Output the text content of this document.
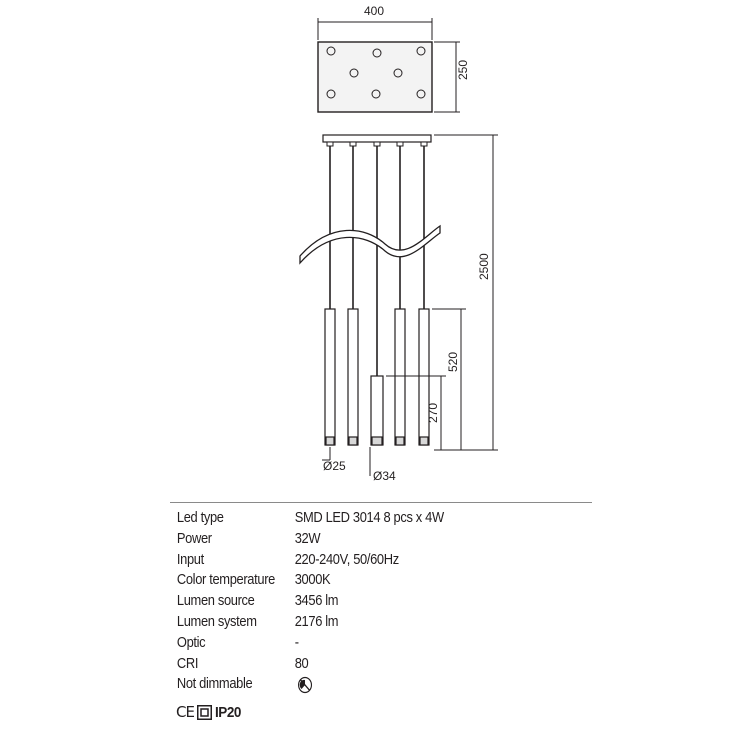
400
250
2500
520
270
Ø25
Ø34
Led type	SMD LED 3014 8 pcs x 4W
Power	32W
Input	220-240V, 50/60Hz
Color temperature 3000K
Lumen source	3456 lm
Lumen system	2176 lm
Optic	-
CRI	80
Not dimmable
CE IP20
